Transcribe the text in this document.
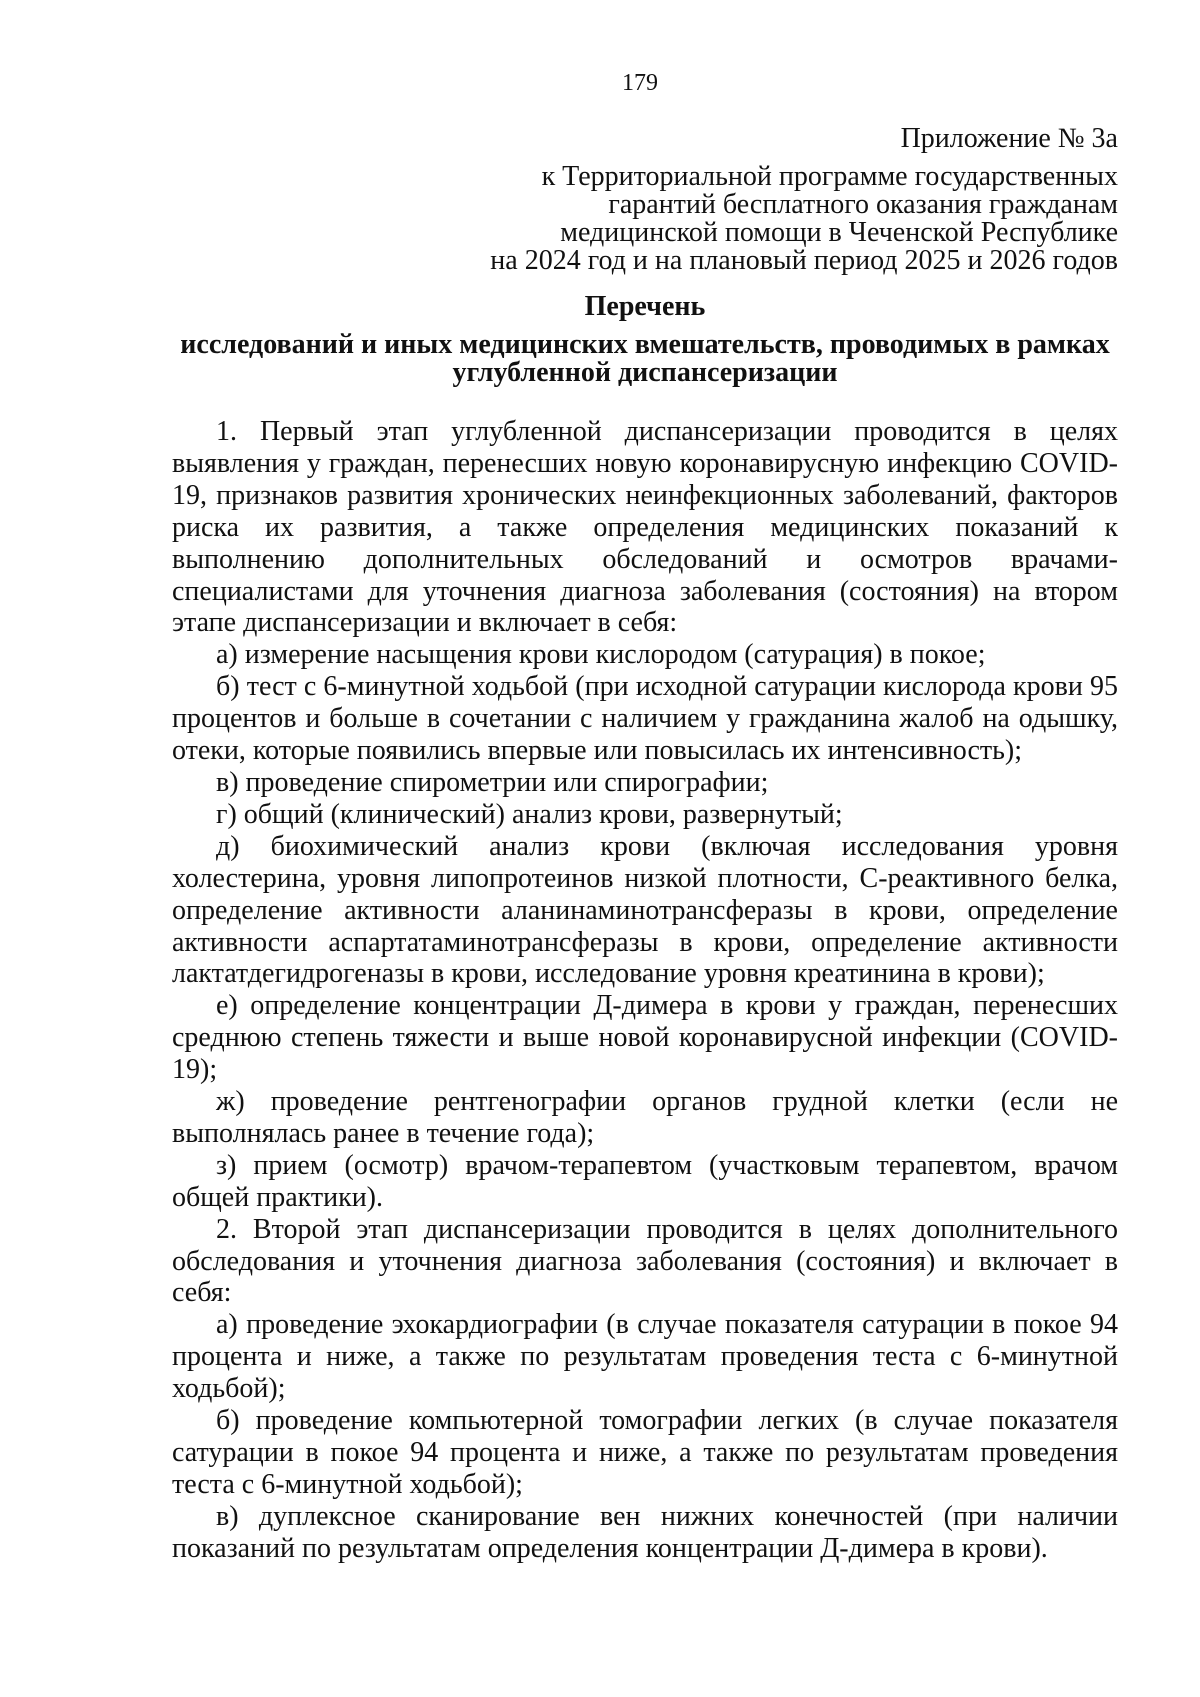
179
Приложение № 3а
к Территориальной программе государственных
гарантий бесплатного оказания гражданам
медицинской помощи в Чеченской Республике
на 2024 год и на плановый период 2025 и 2026 годов
Перечень
исследований и иных медицинских вмешательств, проводимых в рамках
углубленной диспансеризации

1. Первый этап углубленной диспансеризации проводится в целях выявления у граждан, перенесших новую коронавирусную инфекцию COVID-19, признаков развития хронических неинфекционных заболеваний, факторов риска их развития, а также определения медицинских показаний к выполнению дополнительных обследований и осмотров врачами-специалистами для уточнения диагноза заболевания (состояния) на втором этапе диспансеризации и включает в себя:

а) измерение насыщения крови кислородом (сатурация) в покое;

б) тест с 6-минутной ходьбой (при исходной сатурации кислорода крови 95 процентов и больше в сочетании с наличием у гражданина жалоб на одышку, отеки, которые появились впервые или повысилась их интенсивность);

в) проведение спирометрии или спирографии;

г) общий (клинический) анализ крови, развернутый;

д) биохимический анализ крови (включая исследования уровня холестерина, уровня липопротеинов низкой плотности, С-реактивного белка, определение активности аланинаминотрансферазы в крови, определение активности аспартатаминотрансферазы в крови, определение активности лактатдегидрогеназы в крови, исследование уровня креатинина в крови);

е) определение концентрации Д-димера в крови у граждан, перенесших среднюю степень тяжести и выше новой коронавирусной инфекции (COVID-19);

ж) проведение рентгенографии органов грудной клетки (если не выполнялась ранее в течение года);

з) прием (осмотр) врачом-терапевтом (участковым терапевтом, врачом общей практики).

2. Второй этап диспансеризации проводится в целях дополнительного обследования и уточнения диагноза заболевания (состояния) и включает в себя:

а) проведение эхокардиографии (в случае показателя сатурации в покое 94 процента и ниже, а также по результатам проведения теста с 6-минутной ходьбой);

б) проведение компьютерной томографии легких (в случае показателя сатурации в покое 94 процента и ниже, а также по результатам проведения теста с 6-минутной ходьбой);

в) дуплексное сканирование вен нижних конечностей (при наличии показаний по результатам определения концентрации Д-димера в крови).
